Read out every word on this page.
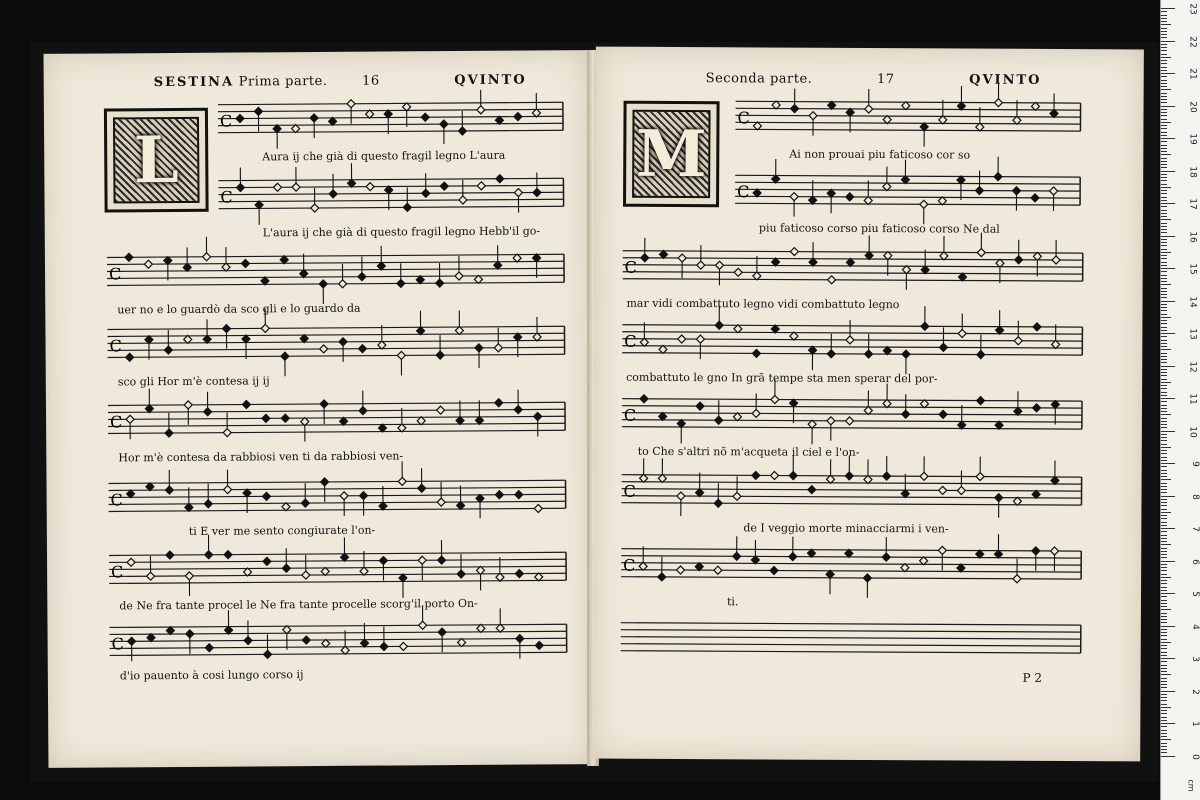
SESTINA Prima parte.	16	QVINTO
L
C
Aura ij che già di questo fragil legno L'aura
C
L'aura ij che già di questo fragil legno Hebb'il go-
C
uer no e lo guardò da sco gli e lo guardo da
C
sco gli Hor m'è contesa ij ij
C
Hor m'è contesa da rabbiosi ven ti da rabbiosi ven-
C
ti E ver me sento congiurate l'on-
C
de Ne fra tante procel le Ne fra tante procelle scorg'il porto On-
C
d'io pauento à cosi lungo corso ij
Seconda parte.	17	QVINTO
M	C
Ai non prouai piu faticoso cor so
C
piu faticoso corso piu faticoso corso Ne dal
C
mar vidi combattuto legno vidi combattuto legno
C
combattuto le gno In grã tempe sta men sperar del por-
C
to Che s'altri nõ m'acqueta il ciel e l'on-
C
de I veggio morte minacciarmi i ven-
C
ti.
P 2
23
22
21
20
19
18
17
16
15
14
13
12
11
10
9
8
7
6
5
4
3
2
1
0
cm
